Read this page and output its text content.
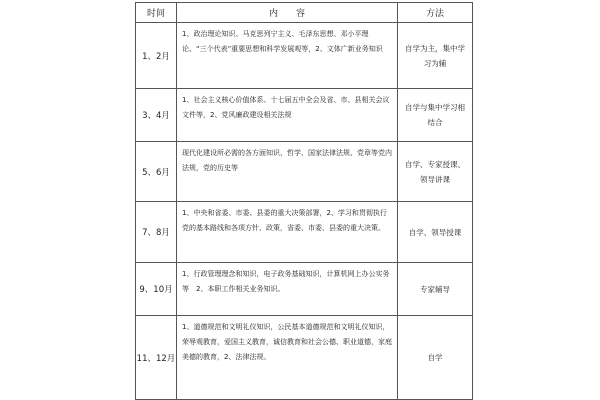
时间	内　　容	方法
1、2月	1、政治理论知识、马克思列宁主义、毛泽东思想、邓小平理论、“三个代表”重要思想和科学发展观等，2、文体广新业务知识	自学为主，集中学习为辅

3、4月	1、社会主义核心价值体系、十七届五中全会及省、市、县相关会议文件等，2、党风廉政建设相关法规	自学与集中学习相结合

5、6月	现代化建设所必需的各方面知识、哲学、国家法律法规、党章等党内法规，党的历史等	自学、专家授课、领导讲课

7、8月	1、中央和省委、市委、县委的重大决策部署，2、学习和贯彻执行党的基本路线和各项方针、政策，省委、市委、县委的重大决策。	自学、领导授课

9、10月	1、行政管理理念和知识，电子政务基础知识，计算机网上办公实务等　2、本职工作相关业务知识。	专家辅导

11、12月	1、道德规范和文明礼仪知识，公民基本道德规范和文明礼仪知识，荣辱观教育，爱国主义教育，诚信教育和社会公德、职业道德，家庭美德的教育，2、法律法规。	自学
